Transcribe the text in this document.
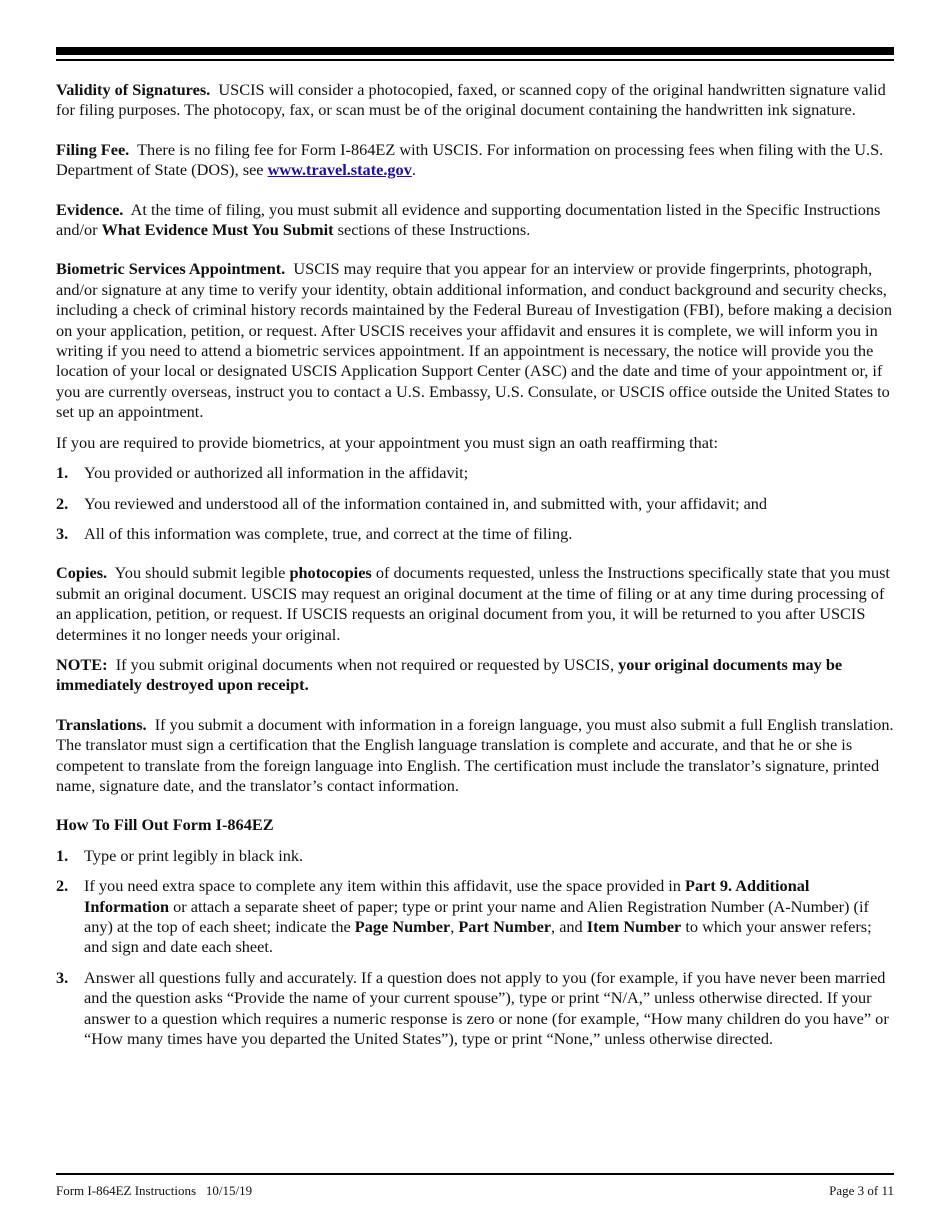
Validity of Signatures. USCIS will consider a photocopied, faxed, or scanned copy of the original handwritten signature valid for filing purposes. The photocopy, fax, or scan must be of the original document containing the handwritten ink signature.

Filing Fee. There is no filing fee for Form I-864EZ with USCIS. For information on processing fees when filing with the U.S. Department of State (DOS), see www.travel.state.gov.

Evidence. At the time of filing, you must submit all evidence and supporting documentation listed in the Specific Instructions and/or What Evidence Must You Submit sections of these Instructions.

Biometric Services Appointment. USCIS may require that you appear for an interview or provide fingerprints, photograph, and/or signature at any time to verify your identity, obtain additional information, and conduct background and security checks, including a check of criminal history records maintained by the Federal Bureau of Investigation (FBI), before making a decision on your application, petition, or request. After USCIS receives your affidavit and ensures it is complete, we will inform you in writing if you need to attend a biometric services appointment. If an appointment is necessary, the notice will provide you the location of your local or designated USCIS Application Support Center (ASC) and the date and time of your appointment or, if you are currently overseas, instruct you to contact a U.S. Embassy, U.S. Consulate, or USCIS office outside the United States to set up an appointment.

If you are required to provide biometrics, at your appointment you must sign an oath reaffirming that:

1. You provided or authorized all information in the affidavit;
2. You reviewed and understood all of the information contained in, and submitted with, your affidavit; and
3. All of this information was complete, true, and correct at the time of filing.

Copies. You should submit legible photocopies of documents requested, unless the Instructions specifically state that you must submit an original document. USCIS may request an original document at the time of filing or at any time during processing of an application, petition, or request. If USCIS requests an original document from you, it will be returned to you after USCIS determines it no longer needs your original.

NOTE: If you submit original documents when not required or requested by USCIS, your original documents may be immediately destroyed upon receipt.

Translations. If you submit a document with information in a foreign language, you must also submit a full English translation. The translator must sign a certification that the English language translation is complete and accurate, and that he or she is competent to translate from the foreign language into English. The certification must include the translator’s signature, printed name, signature date, and the translator’s contact information.

How To Fill Out Form I-864EZ

1. Type or print legibly in black ink.
2. If you need extra space to complete any item within this affidavit, use the space provided in Part 9. Additional Information or attach a separate sheet of paper; type or print your name and Alien Registration Number (A-Number) (if any) at the top of each sheet; indicate the Page Number, Part Number, and Item Number to which your answer refers; and sign and date each sheet.
3. Answer all questions fully and accurately. If a question does not apply to you (for example, if you have never been married and the question asks “Provide the name of your current spouse”), type or print “N/A,” unless otherwise directed. If your answer to a question which requires a numeric response is zero or none (for example, “How many children do you have” or “How many times have you departed the United States”), type or print “None,” unless otherwise directed.
Form I-864EZ Instructions   10/15/19	Page 3 of 11
